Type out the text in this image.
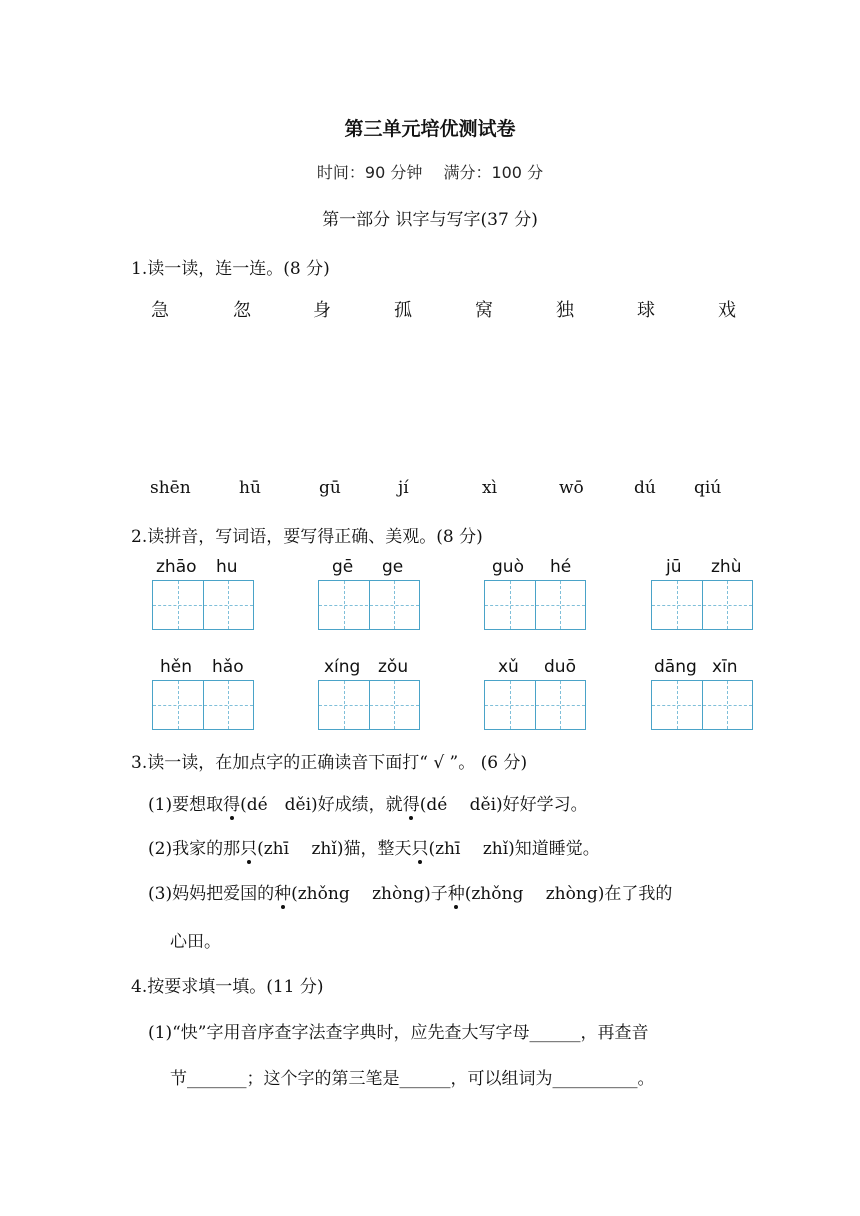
第三单元培优测试卷
时间：90 分钟　 满分：100 分
第一部分 识字与写字(37 分)
1.读一读，连一连。(8 分)
急	忽	身	孤	窝	独	球	戏
shēn	hū	gū	jí	xì	wō	dú qiú
2.读拼音，写词语，要写得正确、美观。(8 分)
zhāo hu	gē ge	guò hé	jū zhù
hěn hǎo	xíng zǒu	xǔ duō	dāng xīn
3.读一读，在加点字的正确读音下面打“ √ ”。 (6 分)
(1)要想取得(dé　děi)好成绩，就得(dé　 děi)好好学习。
(2)我家的那只(zhī　 zhǐ)猫，整天只(zhī　 zhǐ)知道睡觉。
(3)妈妈把爱国的种(zhǒng　 zhòng)子种(zhǒng　 zhòng)在了我的
心田。
4.按要求填一填。(11 分)
(1)“快”字用音序查字法查字典时，应先查大写字母______，再查音
节_______；这个字的第三笔是______，可以组词为__________。
